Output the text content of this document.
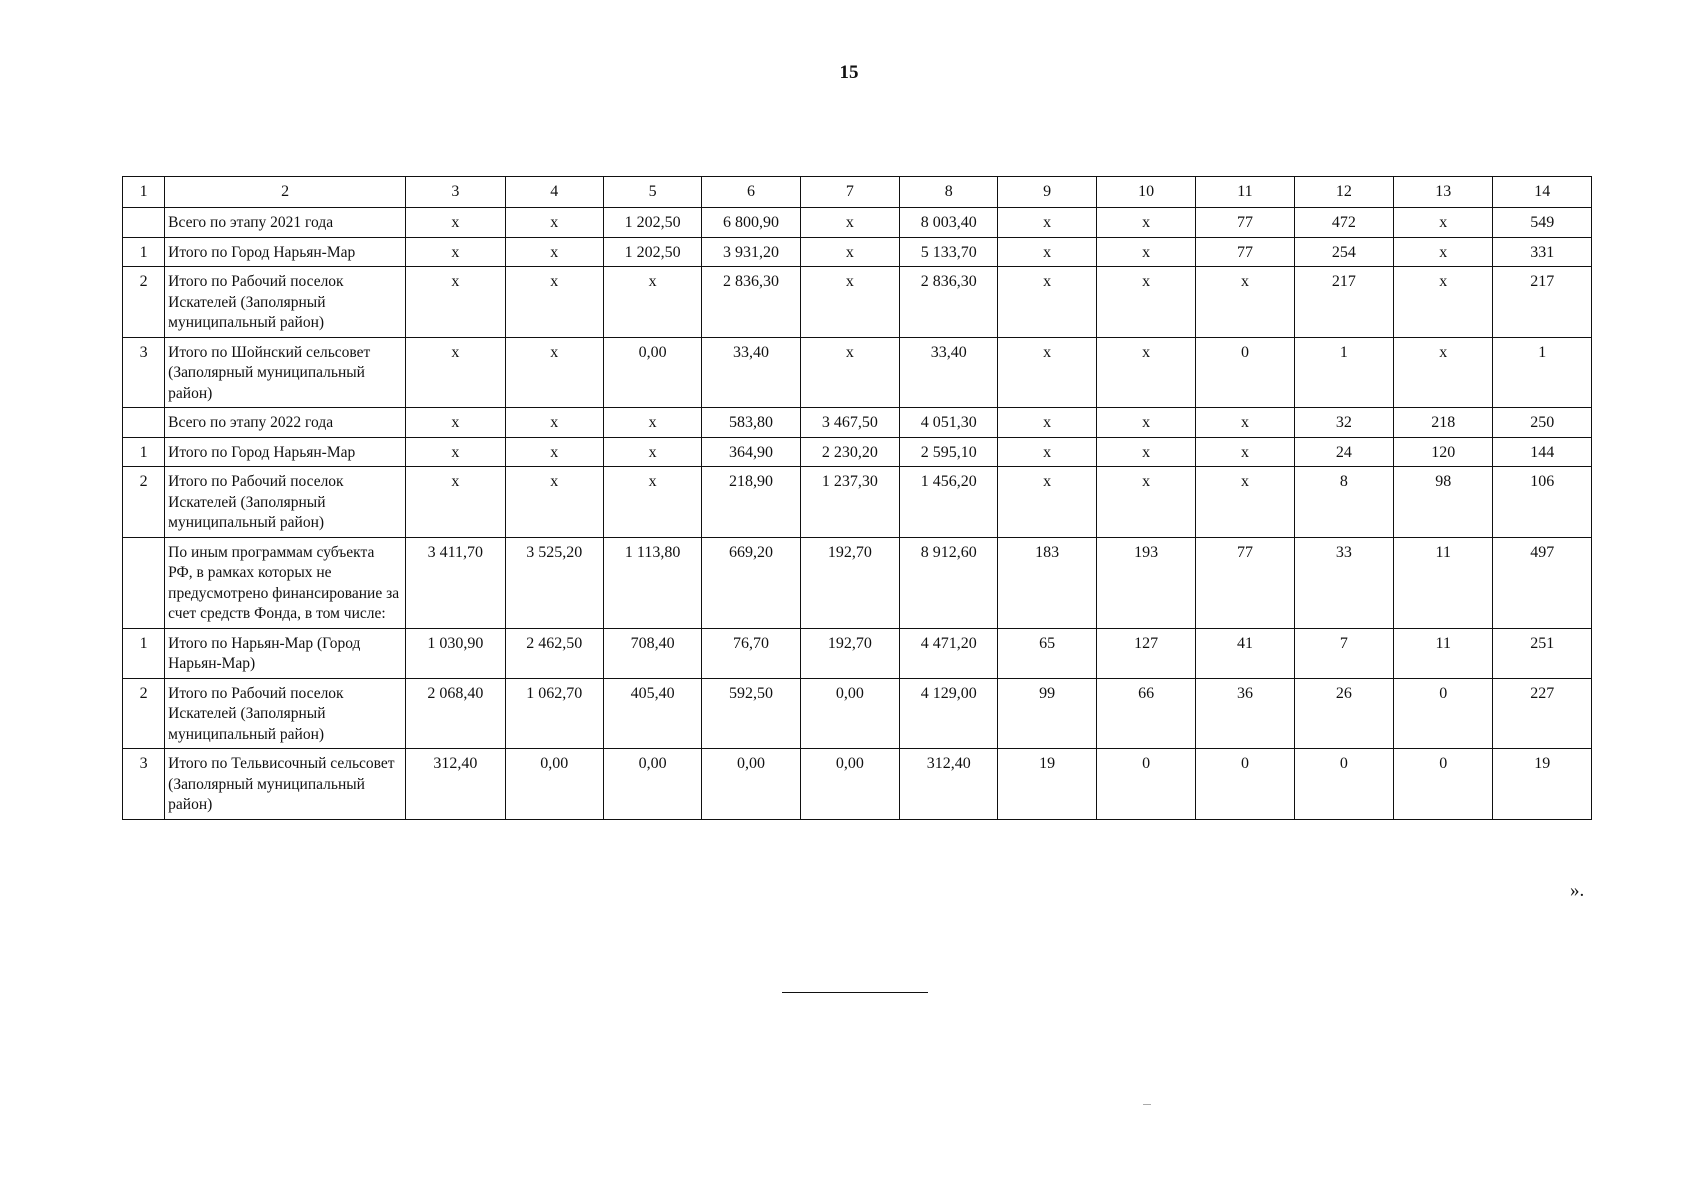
15
1	2	3	4	5	6	7	8	9	10	11	12	13	14
	Всего по этапу 2021 года	x	x	1 202,50	6 800,90	x	8 003,40	x	x	77	472	x	549
1	Итого по Город Нарьян-Мар	x	x	1 202,50	3 931,20	x	5 133,70	x	x	77	254	x	331
2	Итого по Рабочий поселок Искателей (Заполярный муниципальный район)	x	x	x	2 836,30	x	2 836,30	x	x	x	217	x	217
3	Итого по Шойнский сельсовет (Заполярный муниципальный район)	x	x	0,00	33,40	x	33,40	x	x	0	1	x	1
	Всего по этапу 2022 года	x	x	x	583,80	3 467,50	4 051,30	x	x	x	32	218	250
1	Итого по Город Нарьян-Мар	x	x	x	364,90	2 230,20	2 595,10	x	x	x	24	120	144
2	Итого по Рабочий поселок Искателей (Заполярный муниципальный район)	x	x	x	218,90	1 237,30	1 456,20	x	x	x	8	98	106
	По иным программам субъекта РФ, в рамках которых не предусмотрено финансирование за счет средств Фонда, в том числе:	3 411,70	3 525,20	1 113,80	669,20	192,70	8 912,60	183	193	77	33	11	497
1	Итого по Нарьян-Мар (Город Нарьян-Мар)	1 030,90	2 462,50	708,40	76,70	192,70	4 471,20	65	127	41	7	11	251
2	Итого по Рабочий поселок Искателей (Заполярный муниципальный район)	2 068,40	1 062,70	405,40	592,50	0,00	4 129,00	99	66	36	26	0	227
3	Итого по Тельвисочный сельсовет (Заполярный муниципальный район)	312,40	0,00	0,00	0,00	0,00	312,40	19	0	0	0	0	19
».
